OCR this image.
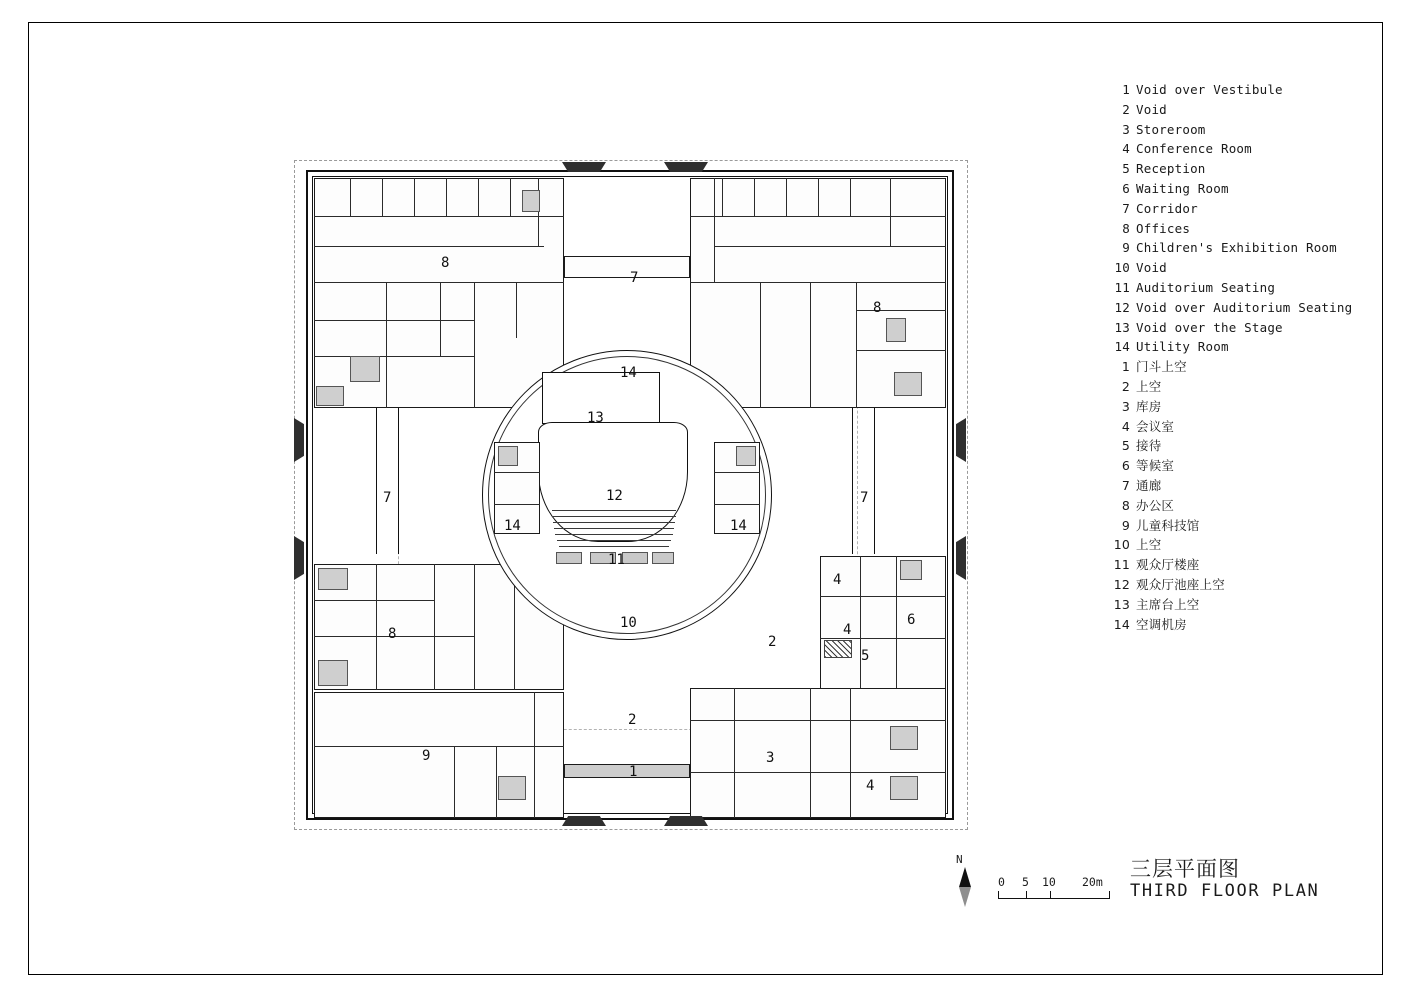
1 Void over Vestibule
2 Void
3 Storeroom
4 Conference Room
5 Reception
6 Waiting Room
7 Corridor
8 Offices
9 Children's Exhibition Room
10 Void
11 Auditorium Seating
12 Void over Auditorium Seating
13 Void over the Stage
14 Utility Room
1 门斗上空
2 上空
3 库房
4 会议室
5 接待
6 等候室
7 通廊
8 办公区
9 儿童科技馆
10 上空
11 观众厅楼座
12 观众厅池座上空
13 主席台上空
14 空调机房
8
7
8
14
13
12
14	14
11
10
7	7
8
4
4
6
5
2
2
9
1
3
4
N
0 5 10 20m
三层平面图
THIRD FLOOR PLAN
